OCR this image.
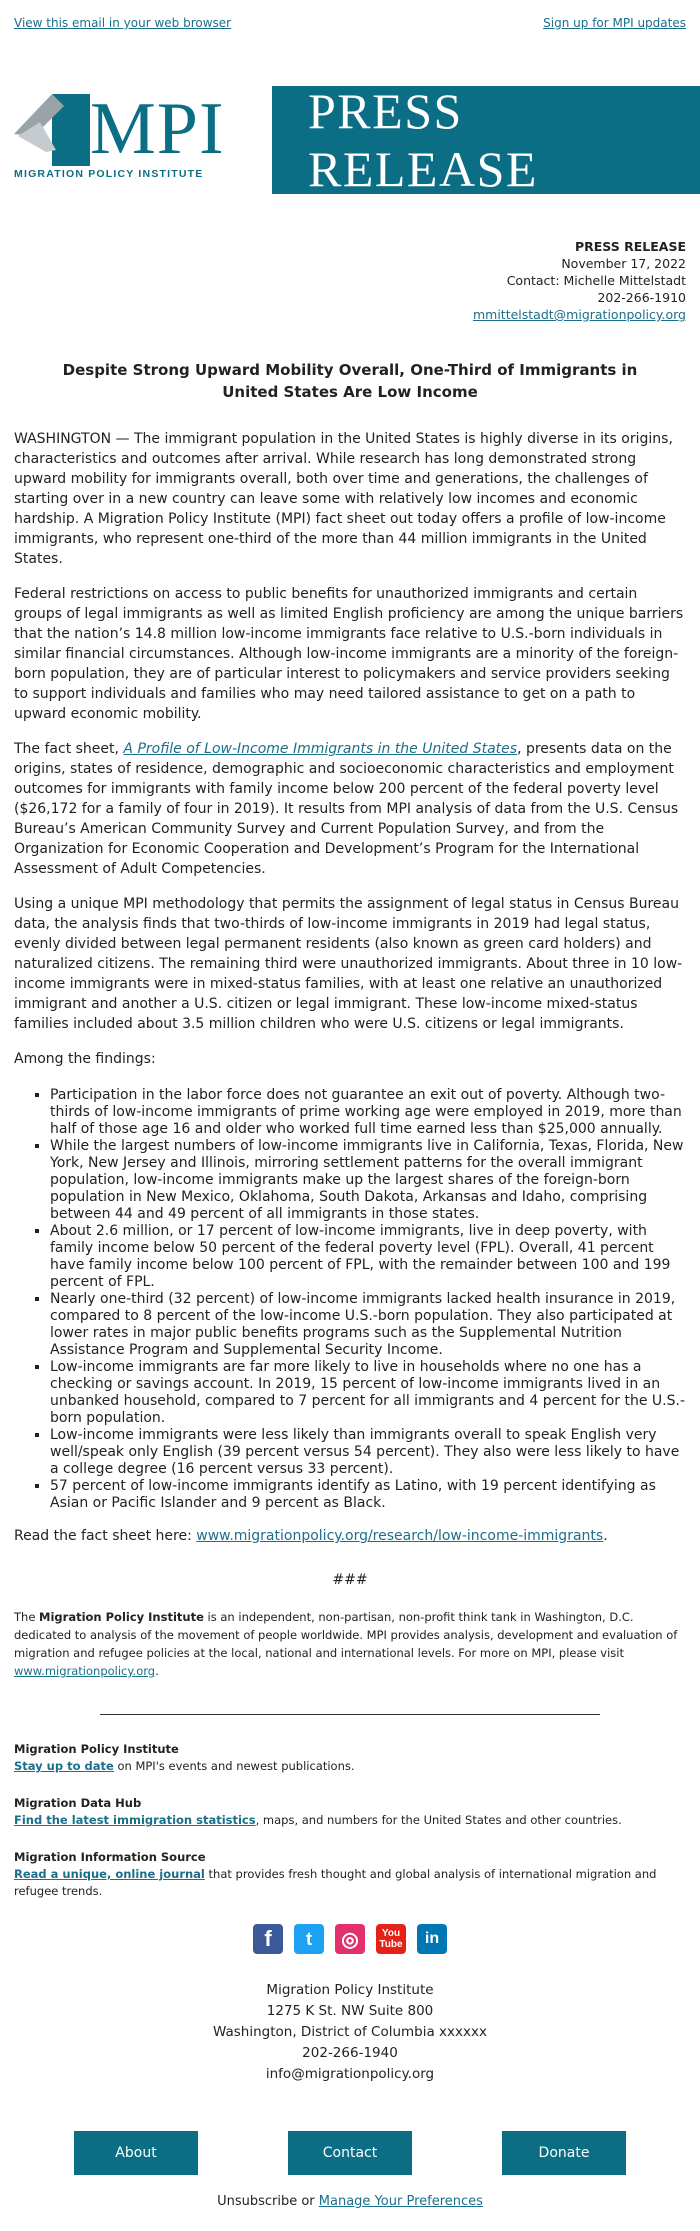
View this email in your web browser	Sign up for MPI updates
MPI
MIGRATION POLICY INSTITUTE
PRESS RELEASE
PRESS RELEASE
November 17, 2022
Contact: Michelle Mittelstadt
202-266-1910
mmittelstadt@migrationpolicy.org
Despite Strong Upward Mobility Overall, One-Third of Immigrants in United States Are Low Income

WASHINGTON — The immigrant population in the United States is highly diverse in its origins, characteristics and outcomes after arrival. While research has long demonstrated strong upward mobility for immigrants overall, both over time and generations, the challenges of starting over in a new country can leave some with relatively low incomes and economic hardship. A Migration Policy Institute (MPI) fact sheet out today offers a profile of low-income immigrants, who represent one-third of the more than 44 million immigrants in the United States.

Federal restrictions on access to public benefits for unauthorized immigrants and certain groups of legal immigrants as well as limited English proficiency are among the unique barriers that the nation’s 14.8 million low-income immigrants face relative to U.S.-born individuals in similar financial circumstances. Although low-income immigrants are a minority of the foreign-born population, they are of particular interest to policymakers and service providers seeking to support individuals and families who may need tailored assistance to get on a path to upward economic mobility.

The fact sheet, A Profile of Low-Income Immigrants in the United States, presents data on the origins, states of residence, demographic and socioeconomic characteristics and employment outcomes for immigrants with family income below 200 percent of the federal poverty level ($26,172 for a family of four in 2019). It results from MPI analysis of data from the U.S. Census Bureau’s American Community Survey and Current Population Survey, and from the Organization for Economic Cooperation and Development’s Program for the International Assessment of Adult Competencies.

Using a unique MPI methodology that permits the assignment of legal status in Census Bureau data, the analysis finds that two-thirds of low-income immigrants in 2019 had legal status, evenly divided between legal permanent residents (also known as green card holders) and naturalized citizens. The remaining third were unauthorized immigrants. About three in 10 low-income immigrants were in mixed-status families, with at least one relative an unauthorized immigrant and another a U.S. citizen or legal immigrant. These low-income mixed-status families included about 3.5 million children who were U.S. citizens or legal immigrants.

Among the findings:

▪ Participation in the labor force does not guarantee an exit out of poverty. Although two-thirds of low-income immigrants of prime working age were employed in 2019, more than half of those age 16 and older who worked full time earned less than $25,000 annually.
▪ While the largest numbers of low-income immigrants live in California, Texas, Florida, New York, New Jersey and Illinois, mirroring settlement patterns for the overall immigrant population, low-income immigrants make up the largest shares of the foreign-born population in New Mexico, Oklahoma, South Dakota, Arkansas and Idaho, comprising between 44 and 49 percent of all immigrants in those states.
▪ About 2.6 million, or 17 percent of low-income immigrants, live in deep poverty, with family income below 50 percent of the federal poverty level (FPL). Overall, 41 percent have family income below 100 percent of FPL, with the remainder between 100 and 199 percent of FPL.
▪ Nearly one-third (32 percent) of low-income immigrants lacked health insurance in 2019, compared to 8 percent of the low-income U.S.-born population. They also participated at lower rates in major public benefits programs such as the Supplemental Nutrition Assistance Program and Supplemental Security Income.
▪ Low-income immigrants are far more likely to live in households where no one has a checking or savings account. In 2019, 15 percent of low-income immigrants lived in an unbanked household, compared to 7 percent for all immigrants and 4 percent for the U.S.-born population.
▪ Low-income immigrants were less likely than immigrants overall to speak English very well/speak only English (39 percent versus 54 percent). They also were less likely to have a college degree (16 percent versus 33 percent).
▪ 57 percent of low-income immigrants identify as Latino, with 19 percent identifying as Asian or Pacific Islander and 9 percent as Black.

Read the fact sheet here: www.migrationpolicy.org/research/low-income-immigrants.

###
The Migration Policy Institute is an independent, non-partisan, non-profit think tank in Washington, D.C. dedicated to analysis of the movement of people worldwide. MPI provides analysis, development and evaluation of migration and refugee policies at the local, national and international levels. For more on MPI, please visit www.migrationpolicy.org.
Migration Policy Institute
Stay up to date on MPI's events and newest publications.
Migration Data Hub
Find the latest immigration statistics, maps, and numbers for the United States and other countries.
Migration Information Source
Read a unique, online journal that provides fresh thought and global analysis of international migration and refugee trends.
f	t	◎	You
Tube	in
Migration Policy Institute
1275 K St. NW Suite 800
Washington, District of Columbia xxxxxx
202-266-1940
info@migrationpolicy.org
About	Contact	Donate
Unsubscribe or Manage Your Preferences
